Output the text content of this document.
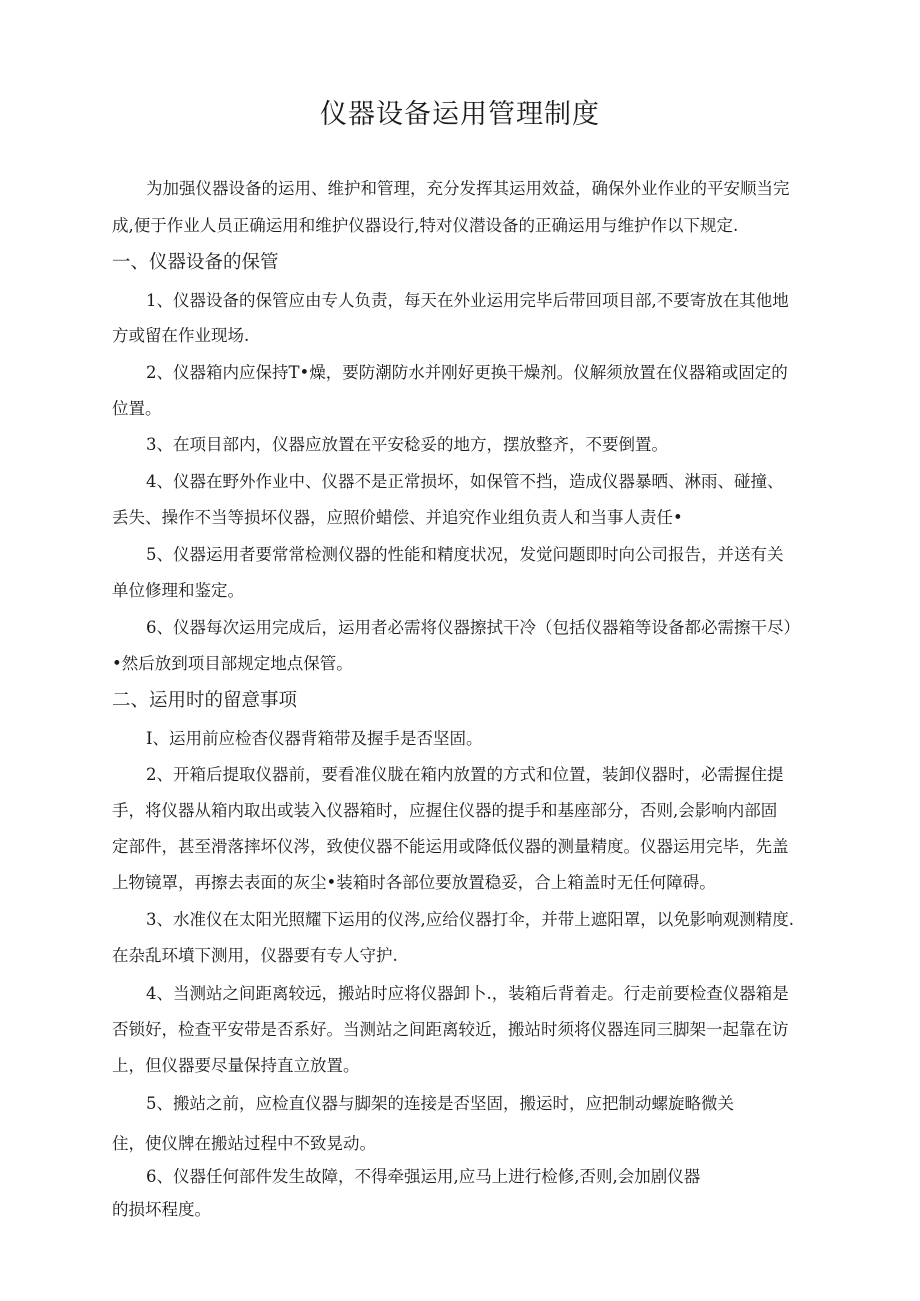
仪器设备运用管理制度

为加强仪器设备的运用、维护和管理，充分发挥其运用效益，确保外业作业的平安顺当完

成,便于作业人员正确运用和维护仪器设行,特对仪潜设备的正确运用与维护作以下规定.

一、仪器设备的保管

1、仪器设备的保管应由专人负责，每天在外业运用完毕后带回项目部,不要寄放在其他地

方或留在作业现场.

2、仪器箱内应保持T•燥，要防潮防水并刚好更换干燥剂。仪解须放置在仪器箱或固定的

位置。

3、在项目部内，仪器应放置在平安稔妥的地方，摆放整齐，不要倒置。

4、仪器在野外作业中、仪器不是正常损坏，如保管不挡，造成仪器暴晒、淋雨、碰撞、

丢失、操作不当等损坏仪器，应照价蜡偿、并追究作业组负责人和当事人责任•

5、仪器运用者要常常检测仪器的性能和精度状况，发觉问题即时向公司报告，并送有关

单位修理和鉴定。

6、仪器每次运用完成后，运用者必需将仪器擦拭干冷（包括仪器箱等设备都必需擦干尽）

•然后放到项目部规定地点保管。

二、运用时的留意事项

I、运用前应检杳仪器背箱带及握手是否坚固。

2、开箱后提取仪器前，要看准仪胧在箱内放置的方式和位置，装卸仪器时，必需握住提

手，将仪器从箱内取出或装入仪器箱时，应握住仪器的提手和基座部分，否则,会影响内部固

定部件，甚至滑落摔坏仪涔，致使仪器不能运用或降低仪器的测量精度。仪器运用完毕，先盖

上物镜罩，再擦去表面的灰尘•装箱时各部位要放置稳妥，合上箱盖时无任何障碍。

3、水准仪在太阳光照耀下运用的仪涔,应给仪器打伞，并带上遮阳罩，以免影响观测精度.

在杂乱环墳下测用，仪器要有专人守护.

4、当测站之间距离较远，搬站时应将仪器卸卜.，装箱后背着走。行走前要检查仪器箱是

否锁好，检查平安带是否系好。当测站之间距离较近，搬站时须将仪器连同三脚架一起靠在访

上，但仪器要尽量保持直立放置。

5、搬站之前，应检直仪器与脚架的连接是否坚固，搬运时，应把制动螺旋略微关

住，使仪牌在搬站过程中不致晃动。

6、仪器任何部件发生故障，不得牵强运用,应马上进行检修,否则,会加剧仪器

的损坏程度。
